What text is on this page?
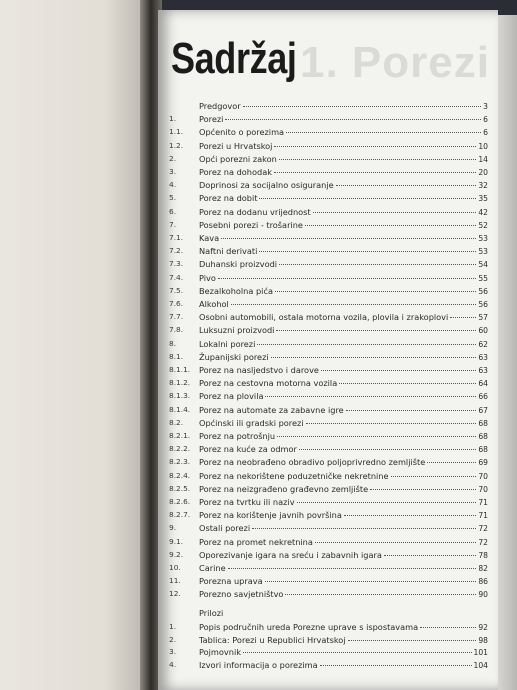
1. Porezi
Sadržaj
Predgovor	3
1.	Porezi	6
1.1.	Općenito o porezima	6
1.2.	Porezi u Hrvatskoj	10
2.	Opći porezni zakon	14
3.	Porez na dohodak	20
4.	Doprinosi za socijalno osiguranje	32
5.	Porez na dobit	35
6.	Porez na dodanu vrijednost	42
7.	Posebni porezi - trošarine	52
7.1.	Kava	53
7.2.	Naftni derivati	53
7.3.	Duhanski proizvodi	54
7.4.	Pivo	55
7.5.	Bezalkoholna pića	56
7.6.	Alkohol	56
7.7.	Osobni automobili, ostala motorna vozila, plovila i zrakoplovi	57
7.8.	Luksuzni proizvodi	60
8.	Lokalni porezi	62
8.1.	Županijski porezi	63
8.1.1.	Porez na nasljedstvo i darove	63
8.1.2.	Porez na cestovna motorna vozila	64
8.1.3.	Porez na plovila	66
8.1.4.	Porez na automate za zabavne igre	67
8.2.	Općinski ili gradski porezi	68
8.2.1.	Porez na potrošnju	68
8.2.2.	Porez na kuće za odmor	68
8.2.3.	Porez na neobrađeno obradivo poljoprivredno zemljište	69
8.2.4.	Porez na nekorištene poduzetničke nekretnine	70
8.2.5.	Porez na neizgrađeno građevno zemljište	70
8.2.6.	Porez na tvrtku ili naziv	71
8.2.7.	Porez na korištenje javnih površina	71
9.	Ostali porezi	72
9.1.	Porez na promet nekretnina	72
9.2.	Oporezivanje igara na sreću i zabavnih igara	78
10.	Carine	82
11.	Porezna uprava	86
12.	Porezno savjetništvo	90
Prilozi
1.	Popis područnih ureda Porezne uprave s ispostavama	92
2.	Tablica: Porezi u Republici Hrvatskoj	98
3.	Pojmovnik	101
4.	Izvori informacija o porezima	104
